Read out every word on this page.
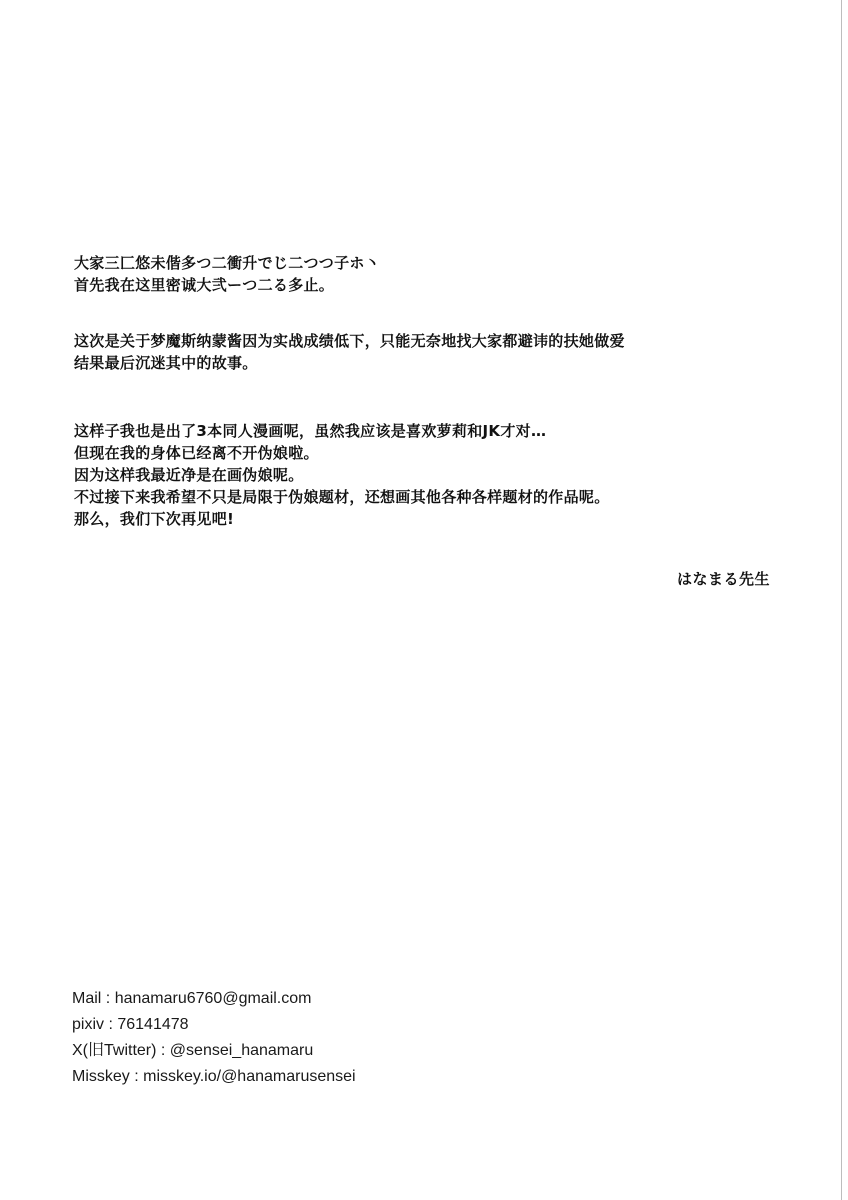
大家三匚悠未偕多つ二衝升でじ二つつ子ホ丶
首先我在这里密诚大弐ーつ二る多止。

这次是关于梦魔斯纳蒙酱因为实战成绩低下，只能无奈地找大家都避讳的扶她做爱
结果最后沉迷其中的故事。

这样子我也是出了3本同人漫画呢，虽然我应该是喜欢萝莉和JK才对…
但现在我的身体已经离不开伪娘啦。
因为这样我最近净是在画伪娘呢。
不过接下来我希望不只是局限于伪娘题材，还想画其他各种各样题材的作品呢。
那么，我们下次再见吧!

はなまる先生
Mail : hanamaru6760@gmail.com
pixiv : 76141478
X(旧Twitter) : @sensei_hanamaru
Misskey : misskey.io/@hanamarusensei
